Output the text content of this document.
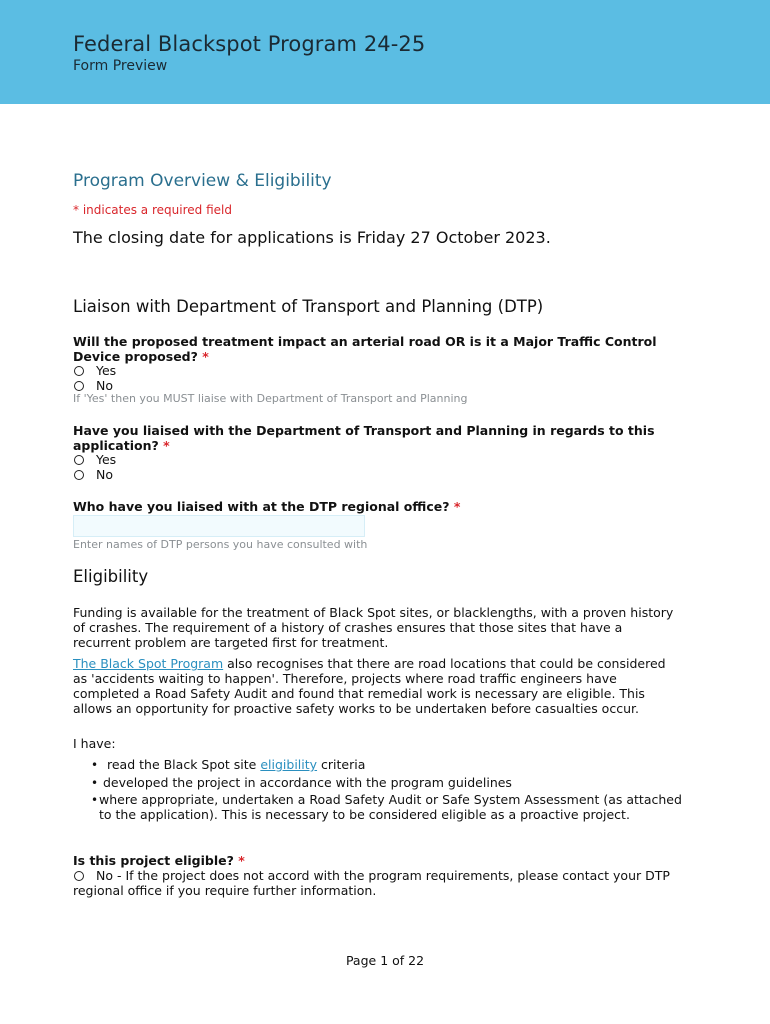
Federal Blackspot Program 24-25
Form Preview
Program Overview & Eligibility
* indicates a required field
The closing date for applications is Friday 27 October 2023.
Liaison with Department of Transport and Planning (DTP)
Will the proposed treatment impact an arterial road OR is it a Major Traffic Control Device proposed? *
Yes
No
If 'Yes' then you MUST liaise with Department of Transport and Planning
Have you liaised with the Department of Transport and Planning in regards to this application? *
Yes
No
Who have you liaised with at the DTP regional office? *
Enter names of DTP persons you have consulted with
Eligibility
Funding is available for the treatment of Black Spot sites, or blacklengths, with a proven history of crashes. The requirement of a history of crashes ensures that those sites that have a recurrent problem are targeted first for treatment.
The Black Spot Program also recognises that there are road locations that could be considered as 'accidents waiting to happen'. Therefore, projects where road traffic engineers have completed a Road Safety Audit and found that remedial work is necessary are eligible. This allows an opportunity for proactive safety works to be undertaken before casualties occur.
I have:
• read the Black Spot site eligibility criteria
• developed the project in accordance with the program guidelines
• where appropriate, undertaken a Road Safety Audit or Safe System Assessment (as attached to the application). This is necessary to be considered eligible as a proactive project.
Is this project eligible? *
No - If the project does not accord with the program requirements, please contact your DTP regional office if you require further information.
Page 1 of 22
